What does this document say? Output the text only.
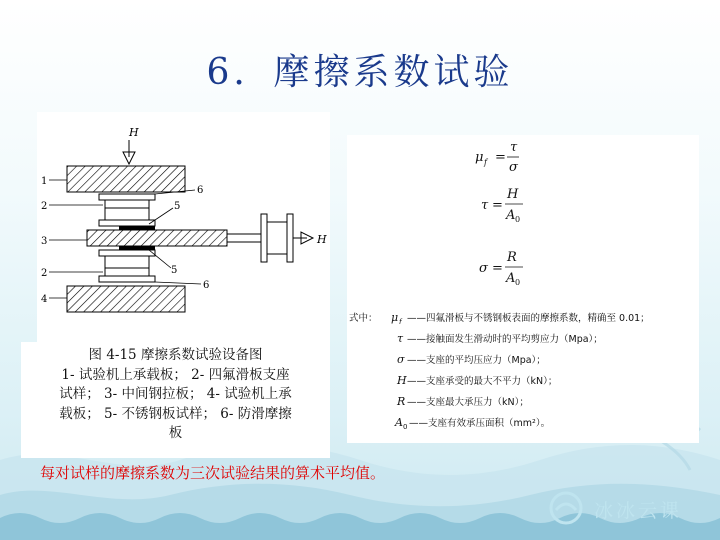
6．摩擦系数试验
H
H
1
2
3
2
4
6
5
5
6
图 4-15 摩擦系数试验设备图
1- 试验机上承载板； 2- 四氟滑板支座
试样； 3- 中间钢拉板； 4- 试验机上承
载板； 5- 不锈钢板试样； 6- 防滑摩擦
板
μ f =
τ
σ
τ =
H
A 0
σ =
R
A 0
式中： μ f ——四氟滑板与不锈钢板表面的摩擦系数，精确至 0.01；
τ ——接触面发生滑动时的平均剪应力（Mpa）；
σ ——支座的平均压应力（Mpa）；
H ——支座承受的最大不平力（kN）；
R ——支座最大承压力（kN）；
A 0 ——支座有效承压面积（mm²）。

每对试样的摩擦系数为三次试验结果的算术平均值。

冰冰云课
